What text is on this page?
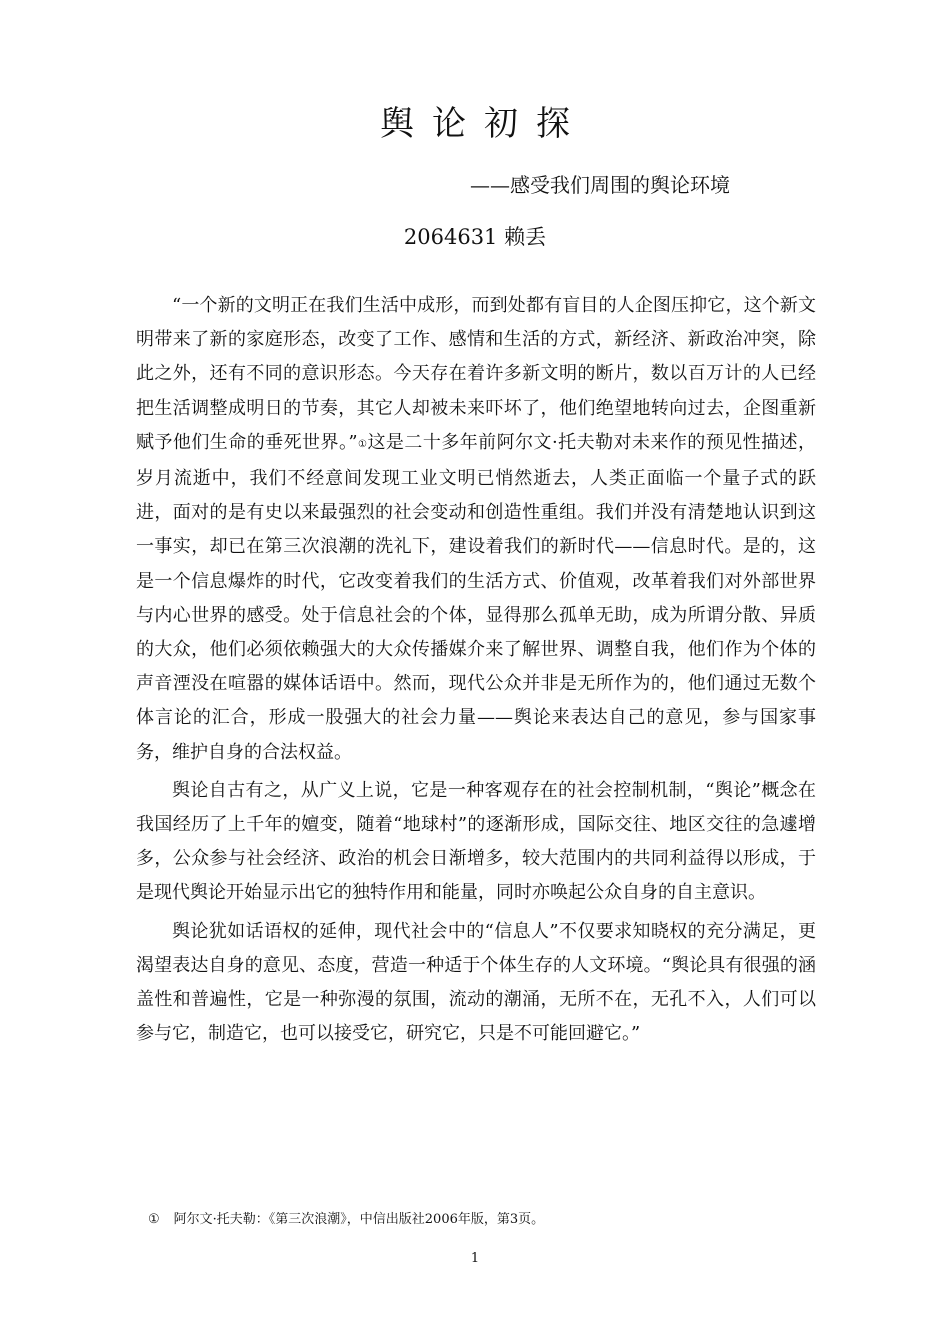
舆论初探
——感受我们周围的舆论环境
2064631 赖丢

“一个新的文明正在我们生活中成形，而到处都有盲目的人企图压抑它，这个新文明带来了新的家庭形态，改变了工作、感情和生活的方式，新经济、新政治冲突，除此之外，还有不同的意识形态。今天存在着许多新文明的断片，数以百万计的人已经把生活调整成明日的节奏，其它人却被未来吓坏了，他们绝望地转向过去，企图重新赋予他们生命的垂死世界。”①这是二十多年前阿尔文·托夫勒对未来作的预见性描述，岁月流逝中，我们不经意间发现工业文明已悄然逝去，人类正面临一个量子式的跃进，面对的是有史以来最强烈的社会变动和创造性重组。我们并没有清楚地认识到这一事实，却已在第三次浪潮的洗礼下，建设着我们的新时代——信息时代。是的，这是一个信息爆炸的时代，它改变着我们的生活方式、价值观，改革着我们对外部世界与内心世界的感受。处于信息社会的个体，显得那么孤单无助，成为所谓分散、异质的大众，他们必须依赖强大的大众传播媒介来了解世界、调整自我，他们作为个体的声音湮没在喧嚣的媒体话语中。然而，现代公众并非是无所作为的，他们通过无数个体言论的汇合，形成一股强大的社会力量——舆论来表达自己的意见，参与国家事务，维护自身的合法权益。

舆论自古有之，从广义上说，它是一种客观存在的社会控制机制，“舆论”概念在我国经历了上千年的嬗变，随着“地球村”的逐渐形成，国际交往、地区交往的急遽增多，公众参与社会经济、政治的机会日渐增多，较大范围内的共同利益得以形成，于是现代舆论开始显示出它的独特作用和能量，同时亦唤起公众自身的自主意识。

舆论犹如话语权的延伸，现代社会中的“信息人”不仅要求知晓权的充分满足，更渴望表达自身的意见、态度，营造一种适于个体生存的人文环境。“舆论具有很强的涵盖性和普遍性，它是一种弥漫的氛围，流动的潮涌，无所不在，无孔不入，人们可以参与它，制造它，也可以接受它，研究它，只是不可能回避它。”

① 阿尔文·托夫勒：《第三次浪潮》，中信出版社2006年版，第3页。
1
